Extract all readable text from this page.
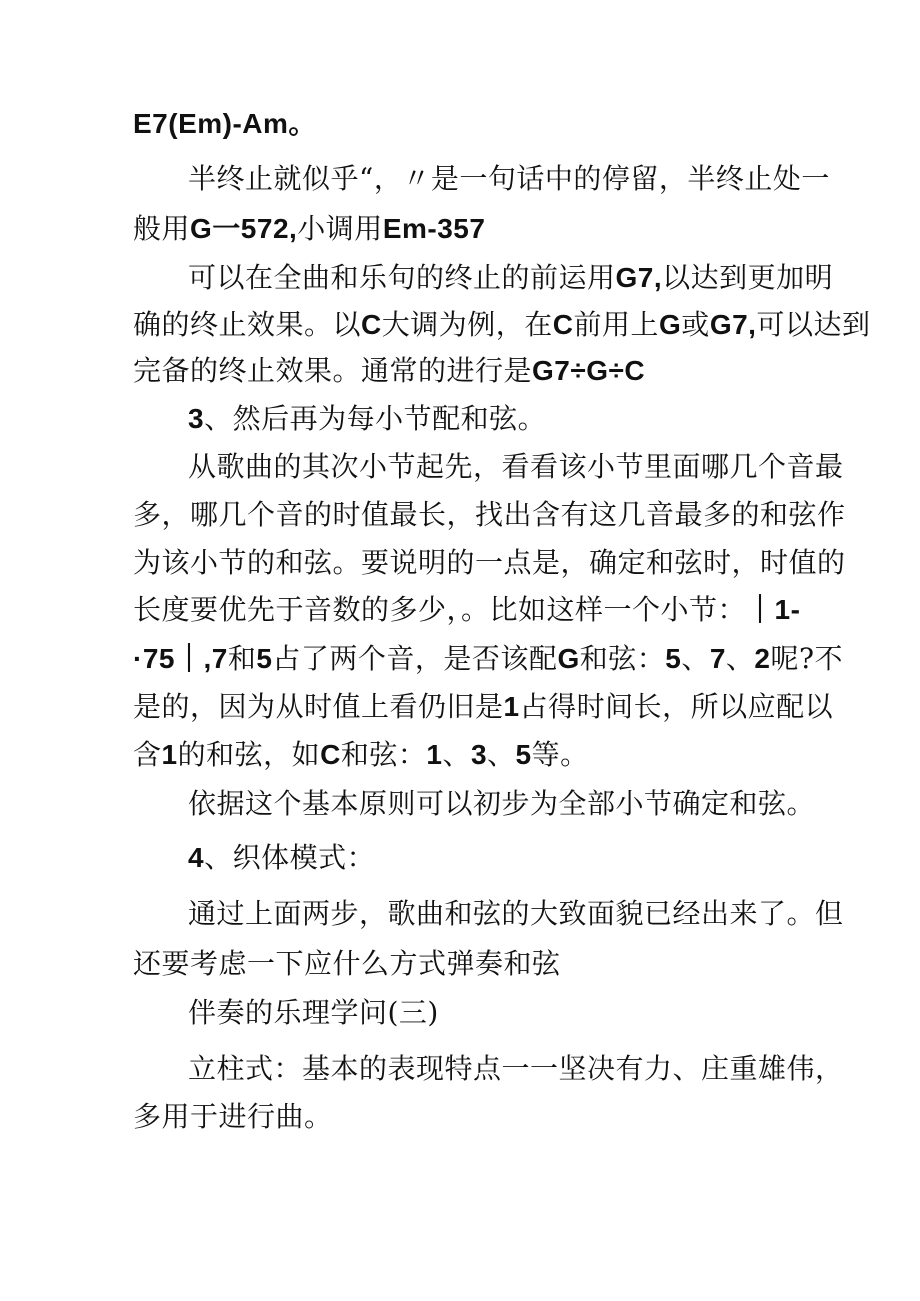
E7(Em)-Am。
半终止就似乎“，〃是一句话中的停留，半终止处一
般用G一572,小调用Em-357
可以在全曲和乐句的终止的前运用G7,以达到更加明
确的终止效果。以C大调为例，在C前用上G或G7,可以达到
完备的终止效果。通常的进行是G7÷G÷C
3、然后再为每小节配和弦。
从歌曲的其次小节起先，看看该小节里面哪几个音最
多，哪几个音的时值最长，找出含有这几音最多的和弦作
为该小节的和弦。要说明的一点是，确定和弦时，时值的
长度要优先于音数的多少，。比如这样一个小节：｜1-
·75｜,7和5占了两个音，是否该配G和弦：5、7、2呢?不
是的，因为从时值上看仍旧是1占得时间长，所以应配以
含1的和弦，如C和弦：1、3、5等。
依据这个基本原则可以初步为全部小节确定和弦。
4、织体模式：
通过上面两步，歌曲和弦的大致面貌已经出来了。但
还要考虑一下应什么方式弹奏和弦
伴奏的乐理学问(三)
立柱式：基本的表现特点一一坚决有力、庄重雄伟，
多用于进行曲。
